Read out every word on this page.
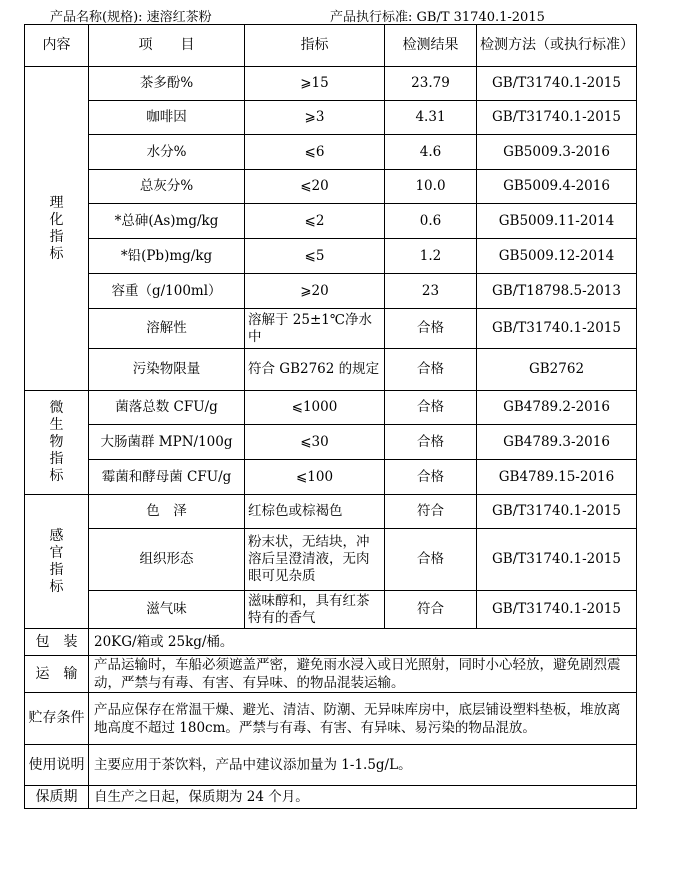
产品名称(规格): 速溶红茶粉	产品执行标准: GB/T 31740.1-2015
内容	项　　目	指标	检测结果	检测方法（或执行标准）

理
化
指
标	茶多酚%	⩾15	23.79	GB/T31740.1-2015
	咖啡因	⩾3	4.31	GB/T31740.1-2015
	水分%	⩽6	4.6	GB5009.3-2016
	总灰分%	⩽20	10.0	GB5009.4-2016
	*总砷(As)mg/kg	⩽2	0.6	GB5009.11-2014
	*铅(Pb)mg/kg	⩽5	1.2	GB5009.12-2014
	容重（g/100ml）	⩾20	23	GB/T18798.5-2013
	溶解性	溶解于 25±1℃净水中	合格	GB/T31740.1-2015
	污染物限量	符合 GB2762 的规定	合格	GB2762

微
生
物
指
标	菌落总数 CFU/g	⩽1000	合格	GB4789.2-2016
	大肠菌群 MPN/100g	⩽30	合格	GB4789.3-2016
	霉菌和酵母菌 CFU/g	⩽100	合格	GB4789.15-2016

感
官
指
标	色　泽	红棕色或棕褐色	符合	GB/T31740.1-2015
	组织形态	粉末状，无结块，冲溶后呈澄清液，无肉眼可见杂质	合格	GB/T31740.1-2015
	滋气味	滋味醇和，具有红茶特有的香气	符合	GB/T31740.1-2015
包　装	20KG/箱或 25kg/桶。			
运　输	产品运输时，车船必须遮盖严密，避免雨水浸入或日光照射，同时小心轻放，避免剧烈震动，严禁与有毒、有害、有异味、的物品混装运输。			
贮存条件	产品应保存在常温干燥、避光、清洁、防潮、无异味库房中，底层铺设塑料垫板，堆放离地高度不超过 180cm。严禁与有毒、有害、有异味、易污染的物品混放。			
使用说明	主要应用于茶饮料，产品中建议添加量为 1-1.5g/L。			
保质期	自生产之日起，保质期为 24 个月。			
